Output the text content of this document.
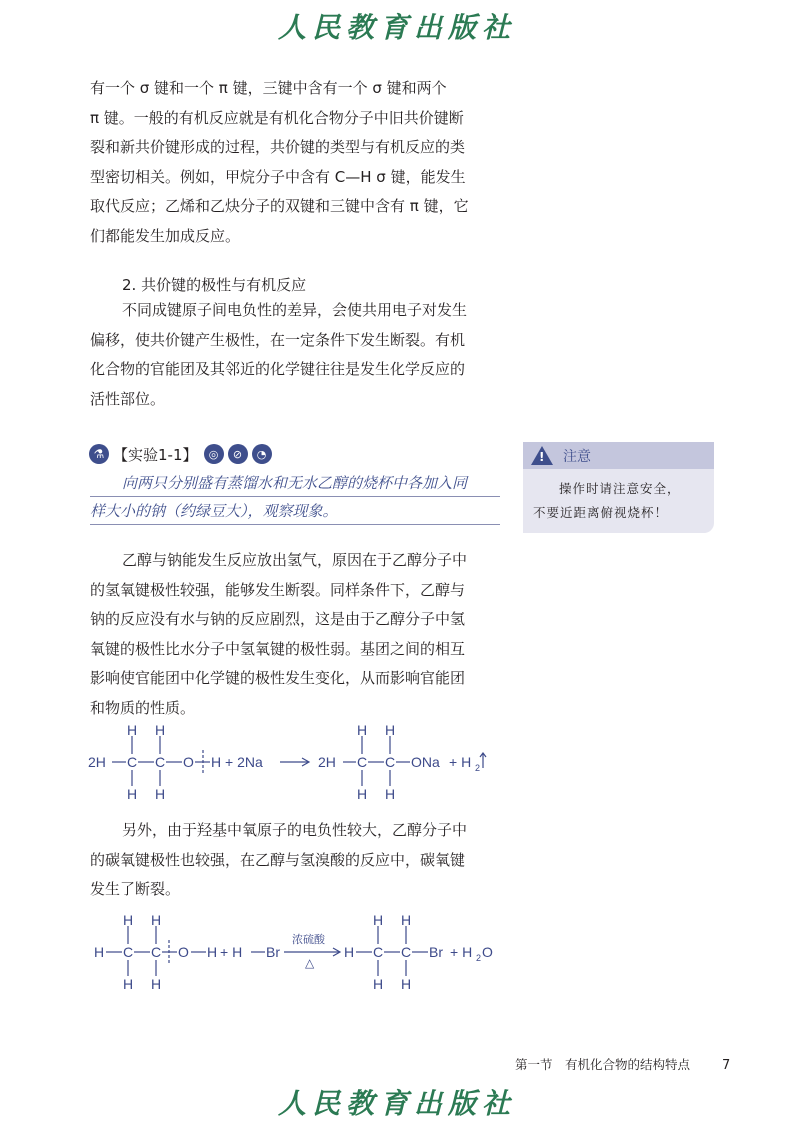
人民教育出版社
有一个 σ 键和一个 π 键，三键中含有一个 σ 键和两个
π 键。一般的有机反应就是有机化合物分子中旧共价键断
裂和新共价键形成的过程，共价键的类型与有机反应的类
型密切相关。例如，甲烷分子中含有 C—H σ 键，能发生
取代反应；乙烯和乙炔分子的双键和三键中含有 π 键，它
们都能发生加成反应。
2. 共价键的极性与有机反应
不同成键原子间电负性的差异，会使共用电子对发生
偏移，使共价键产生极性，在一定条件下发生断裂。有机
化合物的官能团及其邻近的化学键往往是发生化学反应的
活性部位。
⚗ 【实验1-1】	◎	⊘	◔
向两只分别盛有蒸馏水和无水乙醇的烧杯中各加入同
样大小的钠（约绿豆大），观察现象。
! 注意
操作时请注意安全，
不要近距离俯视烧杯！
乙醇与钠能发生反应放出氢气，原因在于乙醇分子中
的氢氧键极性较强，能够发生断裂。同样条件下，乙醇与
钠的反应没有水与钠的反应剧烈，这是由于乙醇分子中氢
氧键的极性比水分子中氢氧键的极性弱。基团之间的相互
影响使官能团中化学键的极性发生变化，从而影响官能团
和物质的性质。
2H C C
H H
H H
O H + 2Na	2H C C
H H
H H
ONa + H 2
另外，由于羟基中氧原子的电负性较大，乙醇分子中
的碳氧键极性也较强，在乙醇与氢溴酸的反应中，碳氧键
发生了断裂。
H C C
H H
H H
O H + H Br
浓硫酸
△
H C C
H H
H H
Br + H 2 O
第一节　有机化合物的结构特点 7
人民教育出版社
